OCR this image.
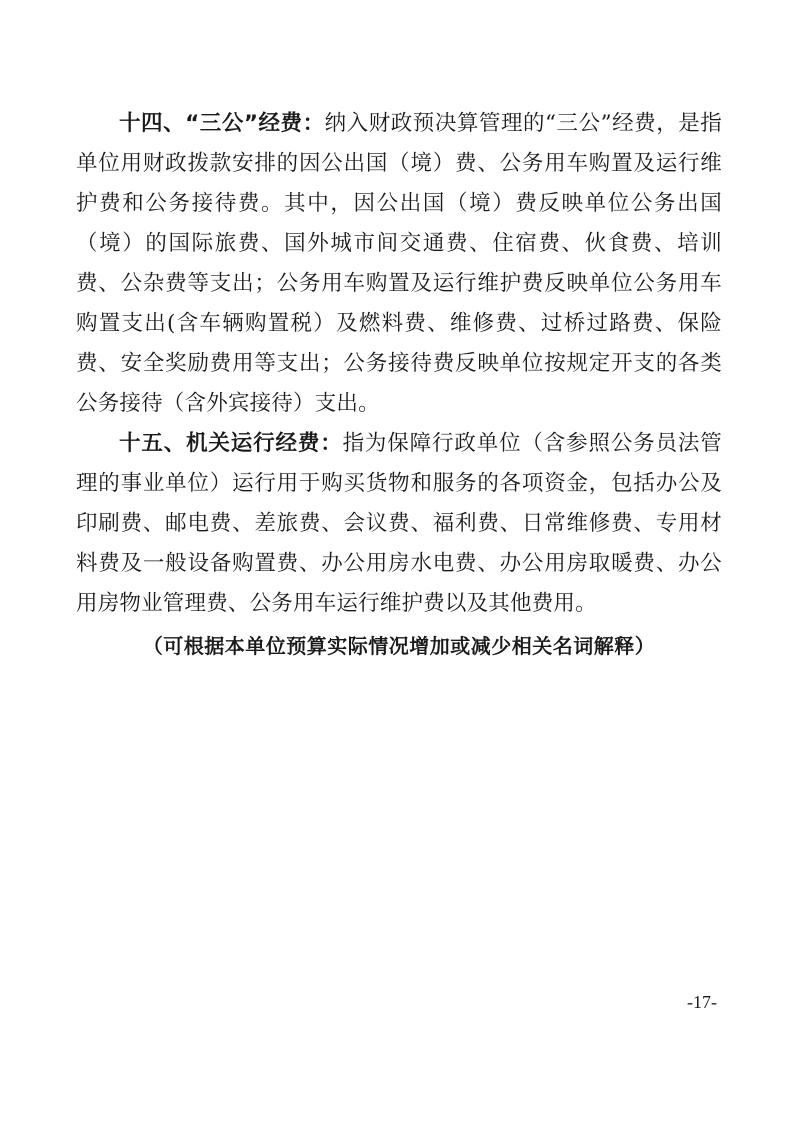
十四、“三公”经费：纳入财政预决算管理的“三公”经费，是指单位用财政拨款安排的因公出国（境）费、公务用车购置及运行维护费和公务接待费。其中，因公出国（境）费反映单位公务出国（境）的国际旅费、国外城市间交通费、住宿费、伙食费、培训费、公杂费等支出；公务用车购置及运行维护费反映单位公务用车购置支出(含车辆购置税）及燃料费、维修费、过桥过路费、保险费、安全奖励费用等支出；公务接待费反映单位按规定开支的各类公务接待（含外宾接待）支出。

十五、机关运行经费：指为保障行政单位（含参照公务员法管理的事业单位）运行用于购买货物和服务的各项资金，包括办公及印刷费、邮电费、差旅费、会议费、福利费、日常维修费、专用材料费及一般设备购置费、办公用房水电费、办公用房取暖费、办公用房物业管理费、公务用车运行维护费以及其他费用。

（可根据本单位预算实际情况增加或减少相关名词解释）

-17-
